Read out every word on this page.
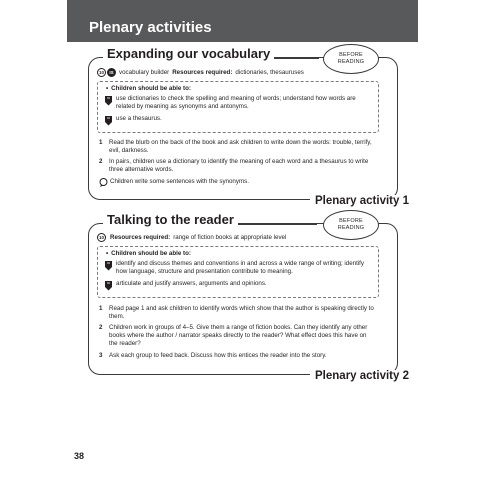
Plenary activities
Expanding our vocabulary	BEFORE
READING
10	IS vocabulary builder Resources required: dictionaries, thesauruses
• Children should be able to:
use dictionaries to check the spelling and meaning of words; understand how words are related by meaning as synonyms and antonyms.
use a thesaurus.
1	Read the blurb on the back of the book and ask children to write down the words: trouble, terrify, evil, darkness.
2	In pairs, children use a dictionary to identify the meaning of each word and a thesaurus to write three alternative words.
Children write some sentences with the synonyms.
Plenary activity 1
Talking to the reader	BEFORE
READING
10 Resources required: range of fiction books at appropriate level
• Children should be able to:
identify and discuss themes and conventions in and across a wide range of writing; identify how language, structure and presentation contribute to meaning.
articulate and justify answers, arguments and opinions.
1	Read page 1 and ask children to identify words which show that the author is speaking directly to them.
2	Children work in groups of 4–5. Give them a range of fiction books. Can they identify any other books where the author / narrator speaks directly to the reader? What effect does this have on the reader?
3	Ask each group to feed back. Discuss how this entices the reader into the story.
Plenary activity 2
38
